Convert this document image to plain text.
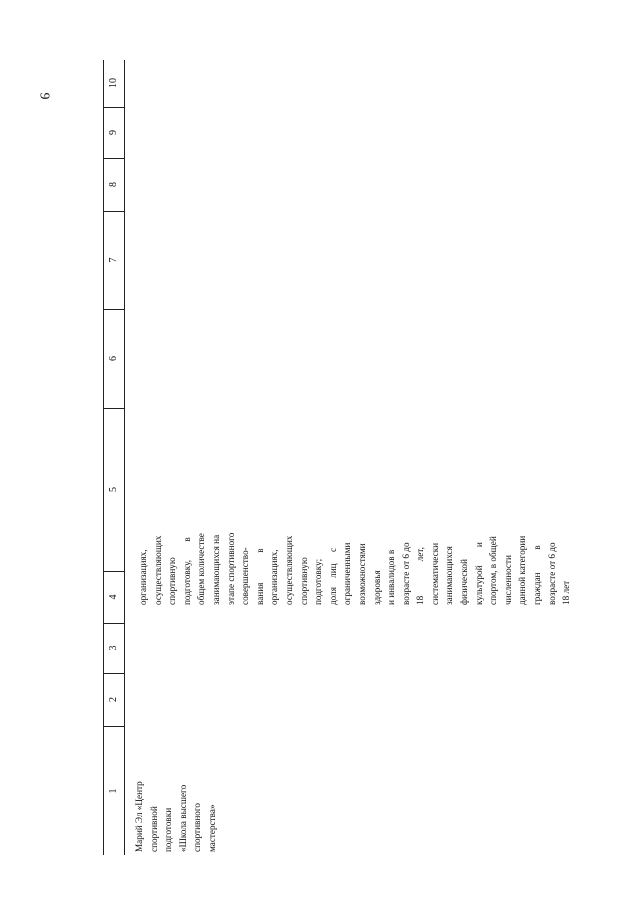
9
1
2
3
4
5
6
7
8
9
10
Марий Эл «Центр спортивной подготовки «Школа высшего спортивного мастерства»
организациях, осуществляющих спортивную подготовку,        в общем количестве занимающихся на этапе спортивного совершенство- вания             в организациях, осуществляющих спортивную подготовку; доля    лиц     с ограниченными возможностями здоровья и инвалидов в возрасте от 6 до 18               лет, систематически занимающихся физической культурой        и спортом, в общей численности данной категории граждан          в возрасте от 6 до 18 лет
